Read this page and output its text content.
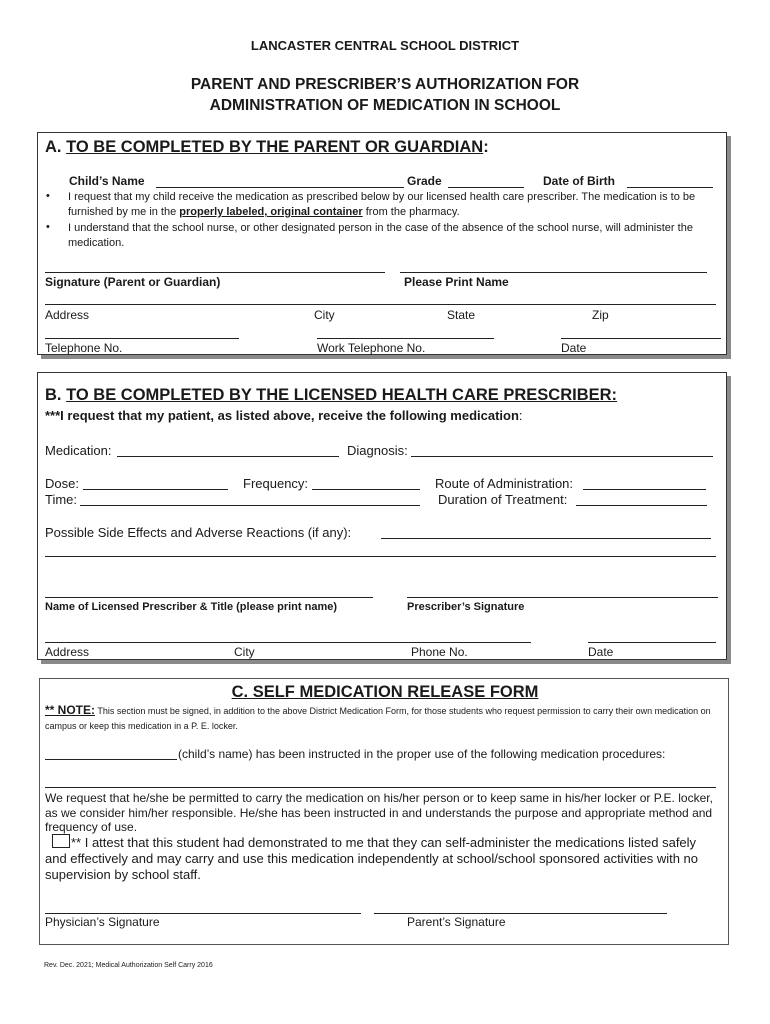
LANCASTER CENTRAL SCHOOL DISTRICT
PARENT AND PRESCRIBER’S AUTHORIZATION FOR
ADMINISTRATION OF MEDICATION IN SCHOOL
A. TO BE COMPLETED BY THE PARENT OR GUARDIAN:
Child’s Name	Grade	Date of Birth
• I request that my child receive the medication as prescribed below by our licensed health care prescriber. The medication is to be furnished by me in the properly labeled, original container from the pharmacy.
• I understand that the school nurse, or other designated person in the case of the absence of the school nurse, will administer the medication.
Signature (Parent or Guardian)	Please Print Name
Address	City	State	Zip
Telephone No.	Work Telephone No.	Date
B. TO BE COMPLETED BY THE LICENSED HEALTH CARE PRESCRIBER:
***I request that my patient, as listed above, receive the following medication:
Medication:	Diagnosis:
Dose:	Frequency:	Route of Administration:
Time:	Duration of Treatment:
Possible Side Effects and Adverse Reactions (if any):
Name of Licensed Prescriber & Title (please print name)	Prescriber’s Signature
Address	City	Phone No.	Date
C. SELF MEDICATION RELEASE FORM
** NOTE: This section must be signed, in addition to the above District Medication Form, for those students who request permission to carry their own medication on campus or keep this medication in a P. E. locker.
(child’s name) has been instructed in the proper use of the following medication procedures:
We request that he/she be permitted to carry the medication on his/her person or to keep same in his/her locker or P.E. locker, as we consider him/her responsible. He/she has been instructed in and understands the purpose and appropriate method and frequency of use.
** I attest that this student had demonstrated to me that they can self-administer the medications listed safely and effectively and may carry and use this medication independently at school/school sponsored activities with no supervision by school staff.
Physician’s Signature	Parent’s Signature
Rev. Dec. 2021; Medical Authorization Self Carry 2016
